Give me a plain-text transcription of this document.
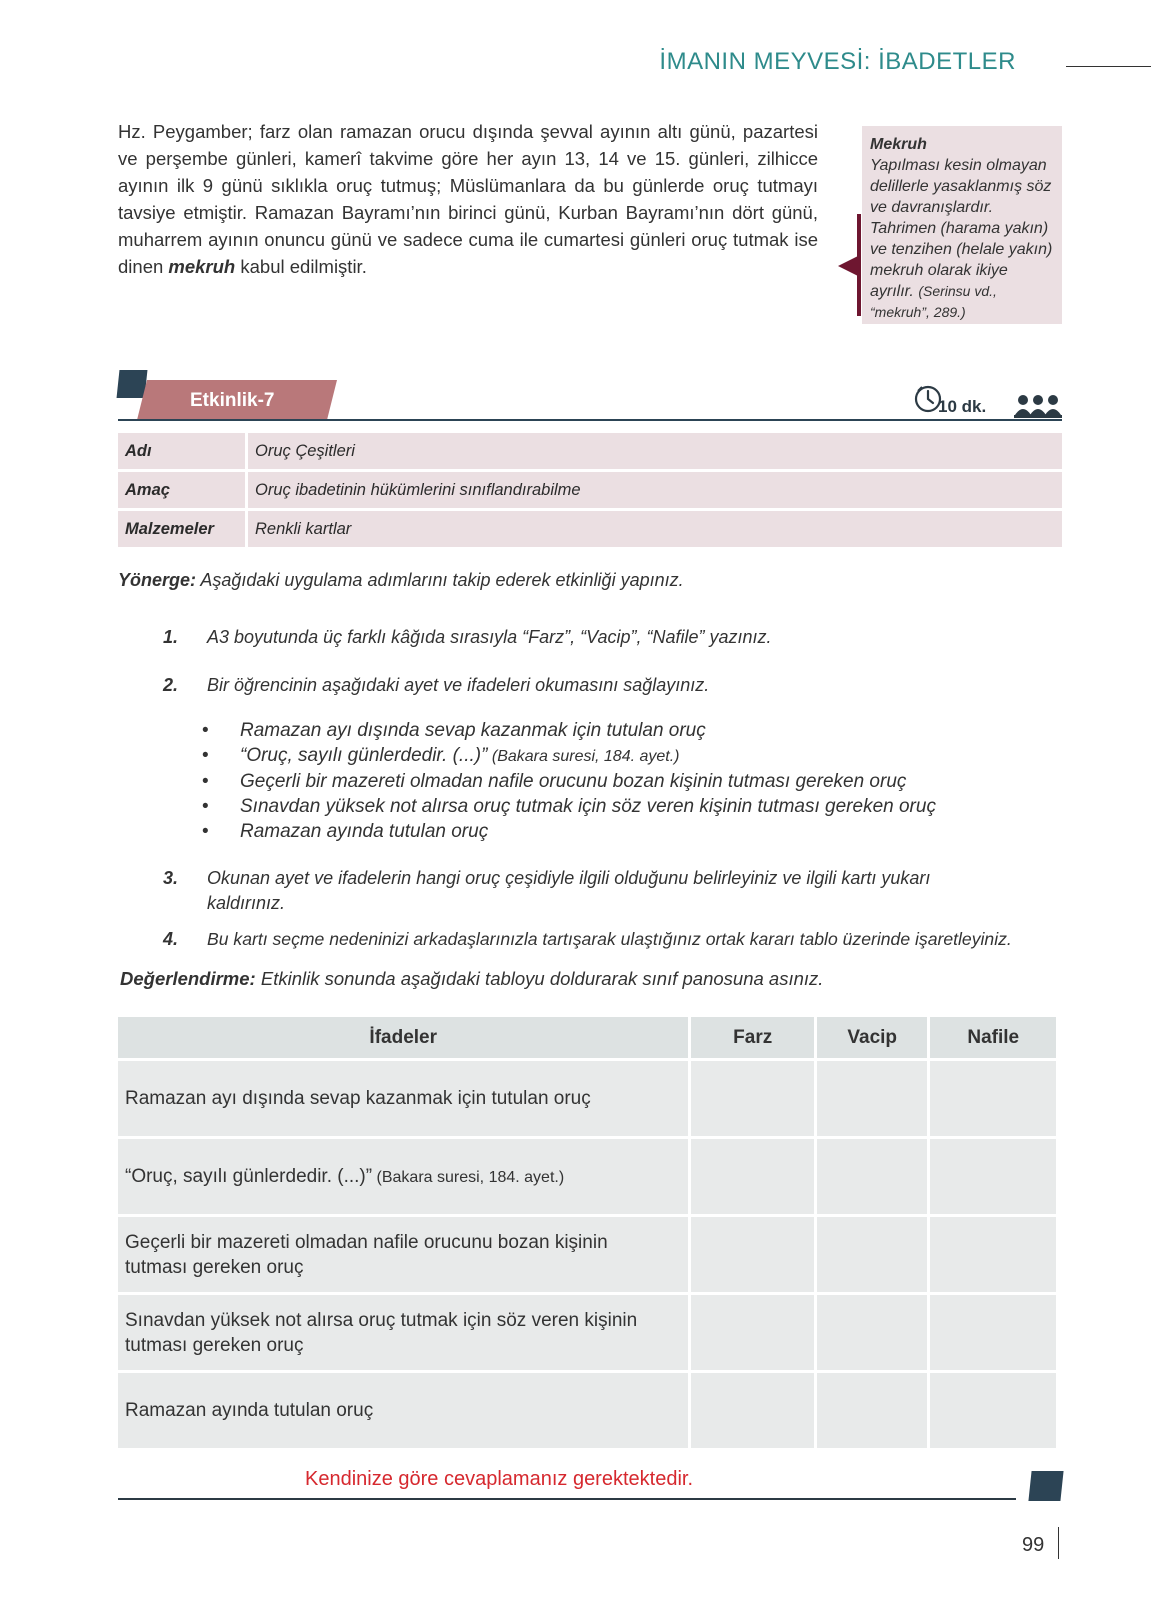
İMANIN MEYVESİ: İBADETLER

Hz. Peygamber; farz olan ramazan orucu dışında şevval ayının altı günü, pazartesi ve perşembe günleri, kamerî takvime göre her ayın 13, 14 ve 15. günleri, zilhicce ayının ilk 9 günü sıklıkla oruç tutmuş; Müslümanlara da bu günlerde oruç tutmayı tavsiye etmiştir. Ramazan Bayramı’nın birinci günü, Kurban Bayramı’nın dört günü, muharrem ayının onuncu günü ve sadece cuma ile cumartesi günleri oruç tutmak ise dinen mekruh kabul edilmiştir.

Mekruh
Yapılması kesin olmayan delillerle yasaklanmış söz ve davranışlardır. Tahrimen (harama yakın) ve tenzihen (helale yakın) mekruh olarak ikiye ayrılır. (Serinsu vd., “mekruh”, 289.)
Etkinlik-7	10 dk.
Adı	Oruç Çeşitleri
Amaç	Oruç ibadetinin hükümlerini sınıflandırabilme
Malzemeler	Renkli kartlar

Yönerge: Aşağıdaki uygulama adımlarını takip ederek etkinliği yapınız.

1. A3 boyutunda üç farklı kâğıda sırasıyla “Farz”, “Vacip”, “Nafile” yazınız.
2. Bir öğrencinin aşağıdaki ayet ve ifadeleri okumasını sağlayınız.
• Ramazan ayı dışında sevap kazanmak için tutulan oruç
• “Oruç, sayılı günlerdedir. (...)” (Bakara suresi, 184. ayet.)
• Geçerli bir mazereti olmadan nafile orucunu bozan kişinin tutması gereken oruç
• Sınavdan yüksek not alırsa oruç tutmak için söz veren kişinin tutması gereken oruç
• Ramazan ayında tutulan oruç
3. Okunan ayet ve ifadelerin hangi oruç çeşidiyle ilgili olduğunu belirleyiniz ve ilgili kartı yukarı
kaldırınız.
4. Bu kartı seçme nedeninizi arkadaşlarınızla tartışarak ulaştığınız ortak kararı tablo üzerinde işaretleyiniz.

Değerlendirme: Etkinlik sonunda aşağıdaki tabloyu doldurarak sınıf panosuna asınız.

İfadeler	Farz	Vacip	Nafile
Ramazan ayı dışında sevap kazanmak için tutulan oruç			
“Oruç, sayılı günlerdedir. (...)” (Bakara suresi, 184. ayet.)			
Geçerli bir mazereti olmadan nafile orucunu bozan kişinin
tutması gereken oruç			
Sınavdan yüksek not alırsa oruç tutmak için söz veren kişinin
tutması gereken oruç			
Ramazan ayında tutulan oruç			
Kendinize göre cevaplamanız gerektektedir.
99
